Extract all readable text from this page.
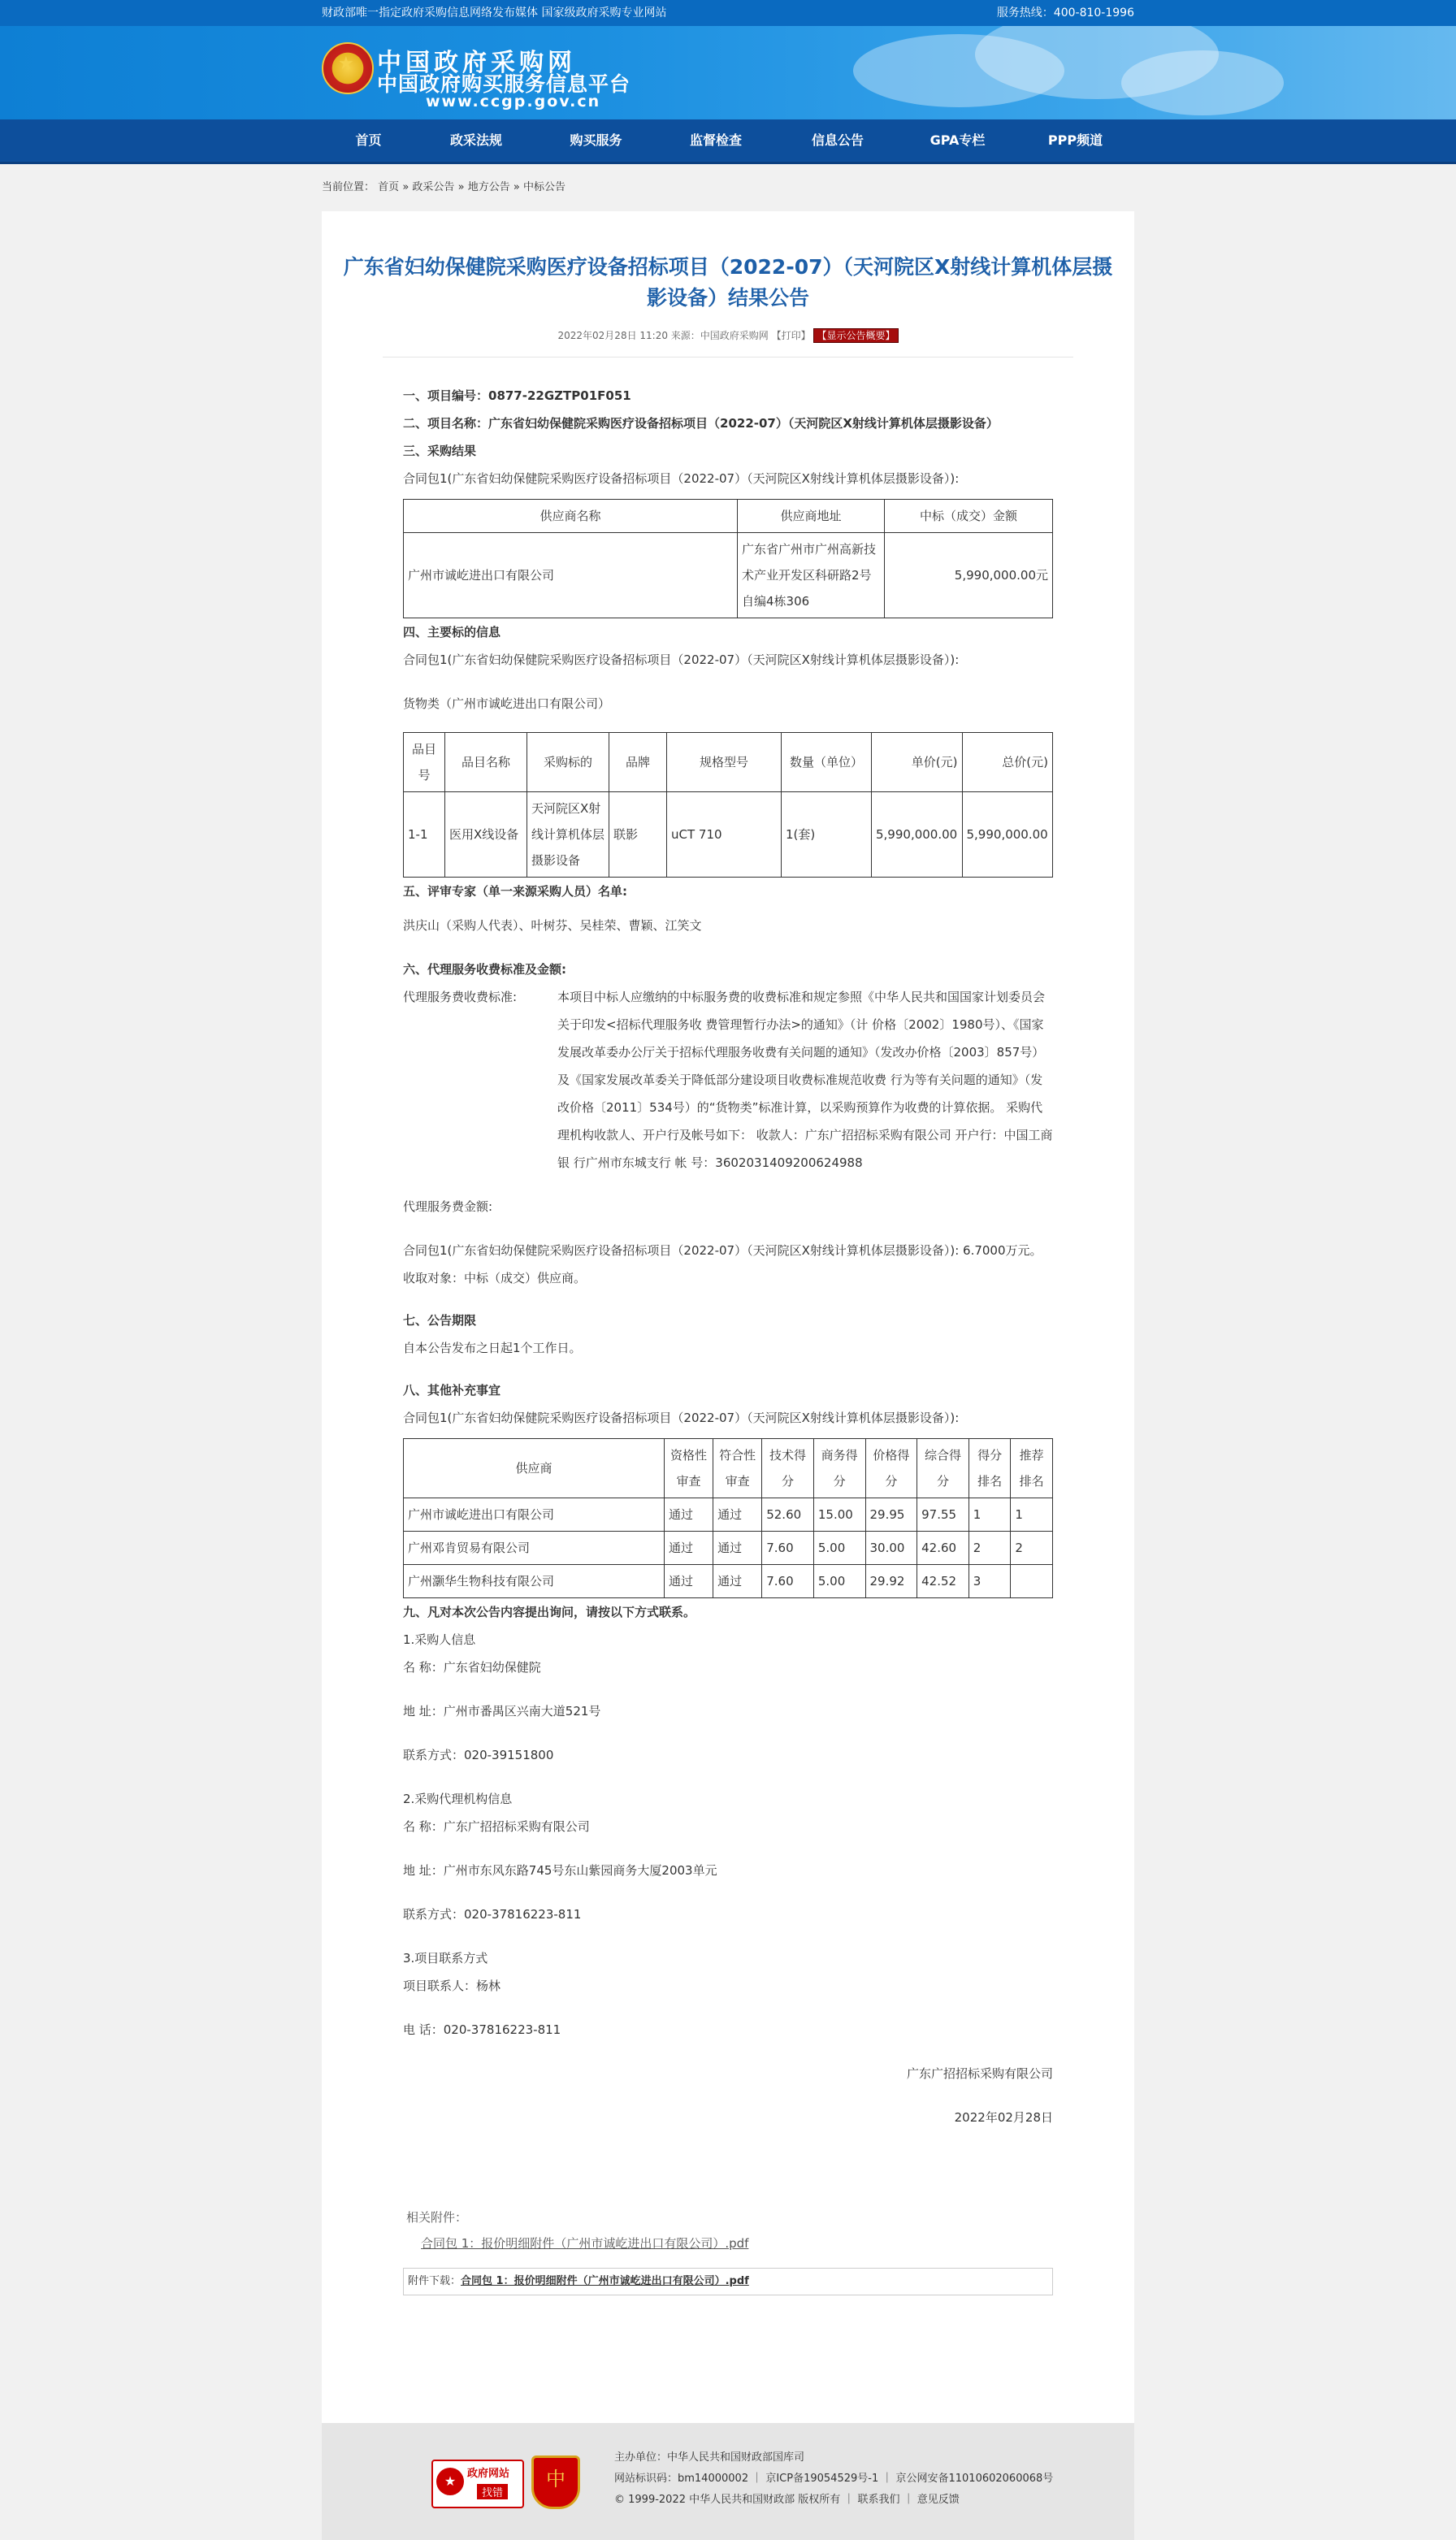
财政部唯一指定政府采购信息网络发布媒体 国家级政府采购专业网站	服务热线：400-810-1996
★
中国政府采购网
中国政府购买服务信息平台
www.ccgp.gov.cn
首页	政采法规	购买服务	监督检查	信息公告	GPA专栏	PPP频道
当前位置： 首页 » 政采公告 » 地方公告 » 中标公告
广东省妇幼保健院采购医疗设备招标项目（2022-07）（天河院区X射线计算机体层摄影设备）结果公告
2022年02月28日 11:20 来源：中国政府采购网 【打印】 【显示公告概要】

一、项目编号：0877-22GZTP01F051

二、项目名称：广东省妇幼保健院采购医疗设备招标项目（2022-07）（天河院区X射线计算机体层摄影设备）

三、采购结果

合同包1(广东省妇幼保健院采购医疗设备招标项目（2022-07）（天河院区X射线计算机体层摄影设备）):

供应商名称	供应商地址	中标（成交）金额
广州市诚屹进出口有限公司	广东省广州市广州高新技术产业开发区科研路2号自编4栋306	5,990,000.00元

四、主要标的信息

合同包1(广东省妇幼保健院采购医疗设备招标项目（2022-07）（天河院区X射线计算机体层摄影设备）):

货物类（广州市诚屹进出口有限公司）

品目号	品目名称	采购标的	品牌	规格型号	数量（单位）	单价(元)	总价(元)
1-1	医用X线设备	天河院区X射线计算机体层摄影设备	联影	uCT 710	1(套)	5,990,000.00	5,990,000.00

五、评审专家（单一来源采购人员）名单:

洪庆山（采购人代表）、叶树芬、吴桂荣、曹颖、江笑文

六、代理服务收费标准及金额:

代理服务费收费标准:	本项目中标人应缴纳的中标服务费的收费标准和规定参照《中华人民共和国国家计划委员会关于印发<招标代理服务收 费管理暂行办法>的通知》（计 价格〔2002〕1980号）、《国家发展改革委办公厅关于招标代理服务收费有关问题的通知》（发改办价格〔2003〕857号）及《国家发展改革委关于降低部分建设项目收费标准规范收费 行为等有关问题的通知》（发改价格〔2011〕534号）的“货物类”标准计算，以采购预算作为收费的计算依据。 采购代理机构收款人、开户行及帐号如下： 收款人：广东广招招标采购有限公司 开户行：中国工商银 行广州市东城支行 帐 号：3602031409200624988

代理服务费金额:

合同包1(广东省妇幼保健院采购医疗设备招标项目（2022-07）（天河院区X射线计算机体层摄影设备）): 6.7000万元。收取对象：中标（成交）供应商。

七、公告期限

自本公告发布之日起1个工作日。

八、其他补充事宜

合同包1(广东省妇幼保健院采购医疗设备招标项目（2022-07）（天河院区X射线计算机体层摄影设备）):

供应商	资格性审查	符合性审查	技术得分	商务得分	价格得分	综合得分	得分排名	推荐排名
广州市诚屹进出口有限公司	通过	通过	52.60	15.00	29.95	97.55	1	1
广州邓肯贸易有限公司	通过	通过	7.60	5.00	30.00	42.60	2	2
广州灏华生物科技有限公司	通过	通过	7.60	5.00	29.92	42.52	3	

九、凡对本次公告内容提出询问，请按以下方式联系。

1.采购人信息

名 称：广东省妇幼保健院

地 址：广州市番禺区兴南大道521号

联系方式：020-39151800

2.采购代理机构信息

名 称：广东广招招标采购有限公司

地 址：广州市东风东路745号东山紫园商务大厦2003单元

联系方式：020-37816223-811

3.项目联系方式

项目联系人：杨林

电 话：020-37816223-811

广东广招招标采购有限公司

2022年02月28日

相关附件：
合同包 1：报价明细附件（广州市诚屹进出口有限公司）.pdf
附件下载：合同包 1：报价明细附件（广州市诚屹进出口有限公司）.pdf
★	政府网站
找错
中
主办单位：中华人民共和国财政部国库司
网站标识码：bm14000002 ｜ 京ICP备19054529号-1 ｜ 京公网安备11010602060068号
© 1999-2022 中华人民共和国财政部 版权所有 ｜ 联系我们 ｜ 意见反馈
